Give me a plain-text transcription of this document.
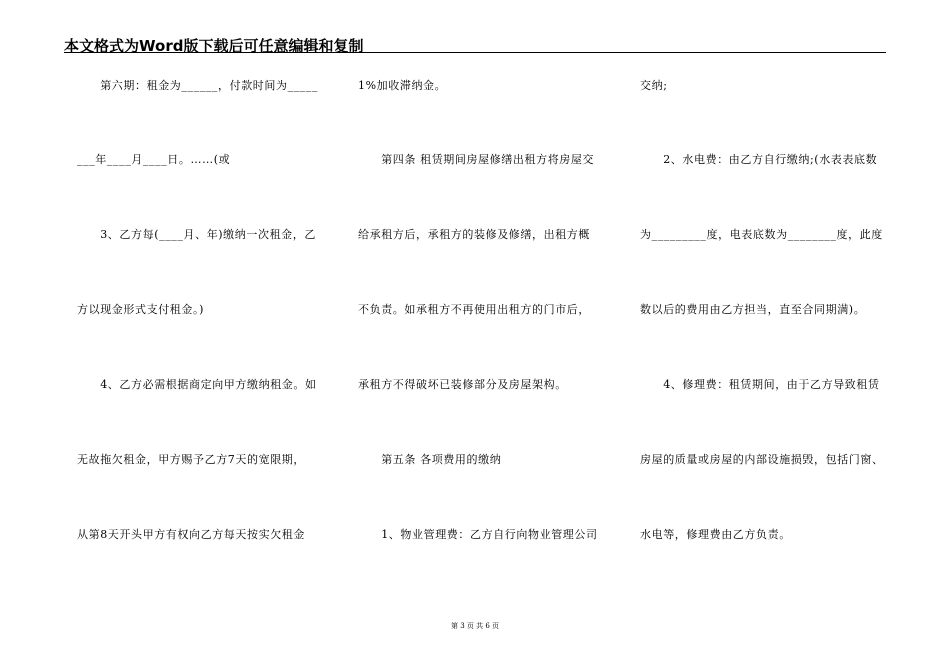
本文格式为Word版下载后可任意编辑和复制
　　第六期：租金为______，付款时间为_____
___年____月____日。……(或
　　3、乙方每(____月、年)缴纳一次租金，乙
方以现金形式支付租金。)
　　4、乙方必需根据商定向甲方缴纳租金。如
无故拖欠租金，甲方赐予乙方7天的宽限期，
从第8天开头甲方有权向乙方每天按实欠租金
1%加收滞纳金。
　　第四条 租赁期间房屋修缮出租方将房屋交
给承租方后，承租方的装修及修缮，出租方概
不负责。如承租方不再使用出租方的门市后，
承租方不得破坏已装修部分及房屋架构。
　　第五条 各项费用的缴纳
　　1、物业管理费：乙方自行向物业管理公司
交纳;
　　2、水电费：由乙方自行缴纳;(水表表底数
为_________度，电表底数为________度，此度
数以后的费用由乙方担当，直至合同期满)。
　　4、修理费：租赁期间，由于乙方导致租赁
房屋的质量或房屋的内部设施损毁，包括门窗、
水电等，修理费由乙方负责。
第 3 页 共 6 页
